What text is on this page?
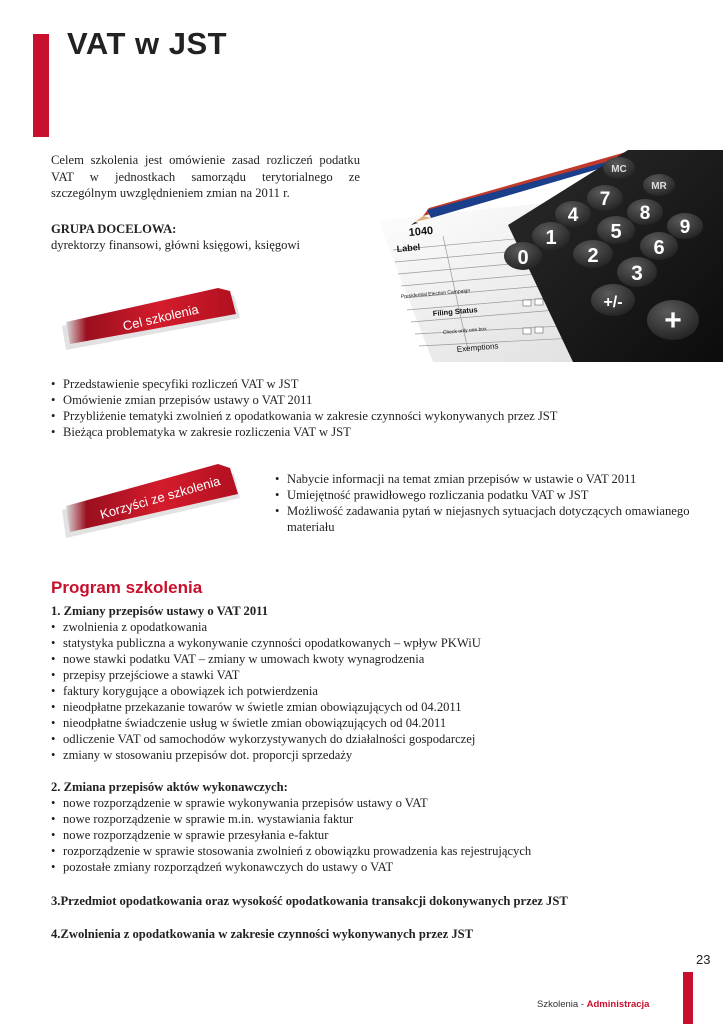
VAT w JST
Celem szkolenia jest omówienie zasad rozliczeń podatku VAT w jednostkach samorządu terytorialnego ze szczególnym uwzględnieniem zmian na 2011 r.
GRUPA DOCELOWA:
dyrektorzy finansowi, główni księgowi, księgowi
1040
Label
Presidential Election Campaign
Filing Status
Check only one box
Exemptions
MC
MR
7
8
9
4
5
6
1
2
3
0
+/-
+
Cel szkolenia
• Przedstawienie specyfiki rozliczeń VAT w JST
• Omówienie zmian przepisów ustawy o VAT 2011
• Przybliżenie tematyki zwolnień z opodatkowania w zakresie czynności wykonywanych przez JST
• Bieżąca problematyka w zakresie rozliczenia VAT w JST
Korzyści ze szkolenia
•	Nabycie informacji na temat zmian przepisów w ustawie o VAT 2011
• Umiejętność prawidłowego rozliczania podatku VAT w JST
• Możliwość zadawania pytań w niejasnych sytuacjach dotyczących omawianego materiału
Program szkolenia
1. Zmiany przepisów ustawy o VAT 2011
• zwolnienia z opodatkowania
• statystyka publiczna a wykonywanie czynności opodatkowanych – wpływ PKWiU
• nowe stawki podatku VAT – zmiany w umowach kwoty wynagrodzenia
• przepisy przejściowe a stawki VAT
• faktury korygujące a obowiązek ich potwierdzenia
• nieodpłatne przekazanie towarów w świetle zmian obowiązujących od 04.2011
• nieodpłatne świadczenie usług w świetle zmian obowiązujących od 04.2011
• odliczenie VAT od samochodów wykorzystywanych do działalności gospodarczej
• zmiany w stosowaniu przepisów dot. proporcji sprzedaży
2. Zmiana przepisów aktów wykonawczych:
• nowe rozporządzenie w sprawie wykonywania przepisów ustawy o VAT
• nowe rozporządzenie w sprawie m.in. wystawiania faktur
• nowe rozporządzenie w sprawie przesyłania e-faktur
• rozporządzenie w sprawie stosowania zwolnień z obowiązku prowadzenia kas rejestrujących
• pozostałe zmiany rozporządzeń wykonawczych do ustawy o VAT
3.Przedmiot opodatkowania oraz wysokość opodatkowania transakcji dokonywanych przez JST
4.Zwolnienia z opodatkowania w zakresie czynności wykonywanych przez JST
23
Szkolenia - Administracja
